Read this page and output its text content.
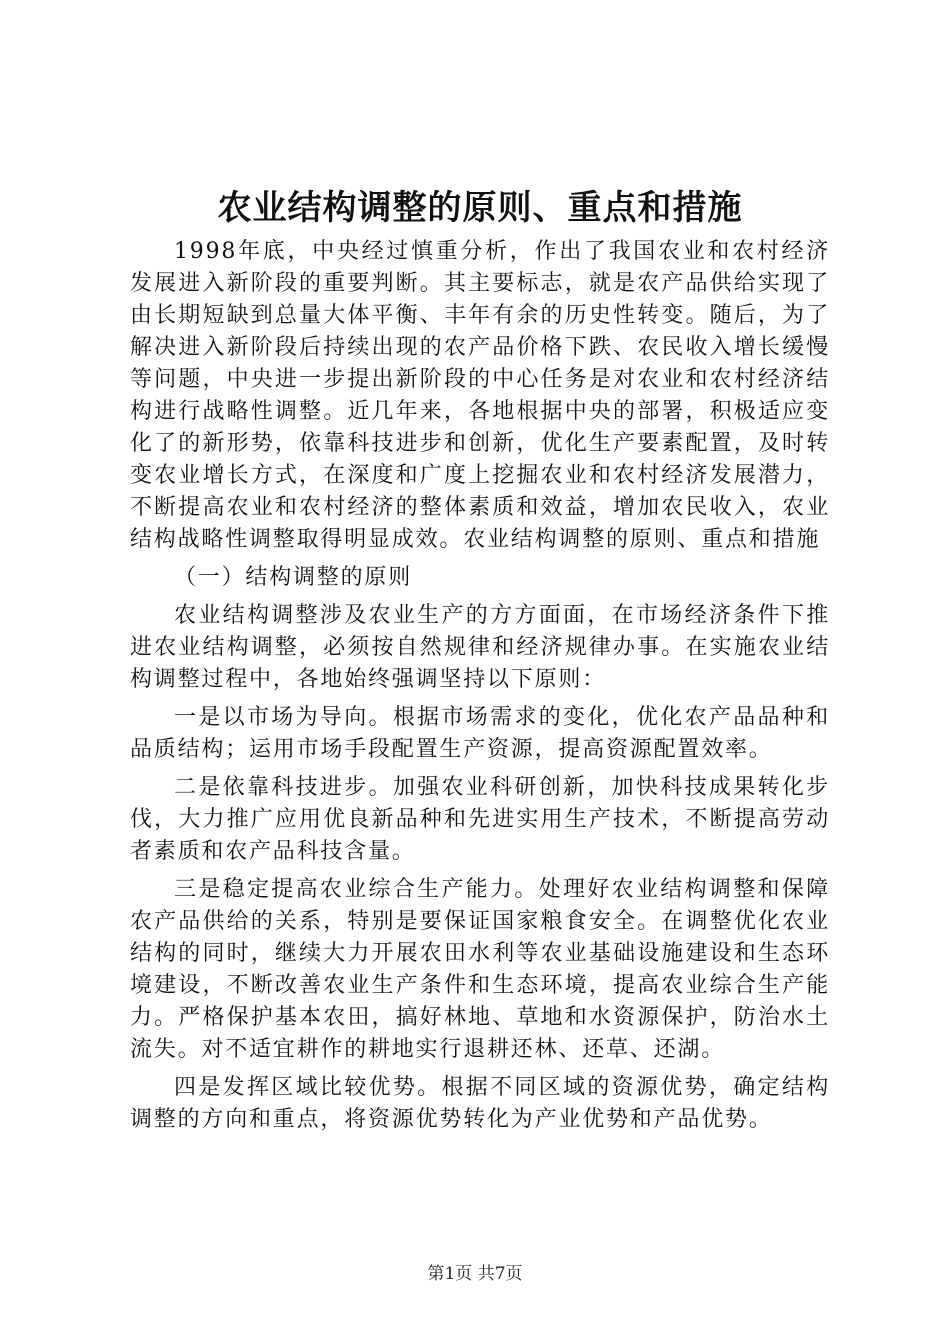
农业结构调整的原则、重点和措施

1998年底，中央经过慎重分析，作出了我国农业和农村经济发展进入新阶段的重要判断。其主要标志，就是农产品供给实现了由长期短缺到总量大体平衡、丰年有余的历史性转变。随后，为了解决进入新阶段后持续出现的农产品价格下跌、农民收入增长缓慢等问题，中央进一步提出新阶段的中心任务是对农业和农村经济结构进行战略性调整。近几年来，各地根据中央的部署，积极适应变化了的新形势，依靠科技进步和创新，优化生产要素配置，及时转变农业增长方式，在深度和广度上挖掘农业和农村经济发展潜力，不断提高农业和农村经济的整体素质和效益，增加农民收入，农业结构战略性调整取得明显成效。农业结构调整的原则、重点和措施

（一）结构调整的原则

农业结构调整涉及农业生产的方方面面，在市场经济条件下推进农业结构调整，必须按自然规律和经济规律办事。在实施农业结构调整过程中，各地始终强调坚持以下原则：

一是以市场为导向。根据市场需求的变化，优化农产品品种和品质结构；运用市场手段配置生产资源，提高资源配置效率。

二是依靠科技进步。加强农业科研创新，加快科技成果转化步伐，大力推广应用优良新品种和先进实用生产技术，不断提高劳动者素质和农产品科技含量。

三是稳定提高农业综合生产能力。处理好农业结构调整和保障农产品供给的关系，特别是要保证国家粮食安全。在调整优化农业结构的同时，继续大力开展农田水利等农业基础设施建设和生态环境建设，不断改善农业生产条件和生态环境，提高农业综合生产能力。严格保护基本农田，搞好林地、草地和水资源保护，防治水土流失。对不适宜耕作的耕地实行退耕还林、还草、还湖。

四是发挥区域比较优势。根据不同区域的资源优势，确定结构调整的方向和重点，将资源优势转化为产业优势和产品优势。

第1页 共7页
